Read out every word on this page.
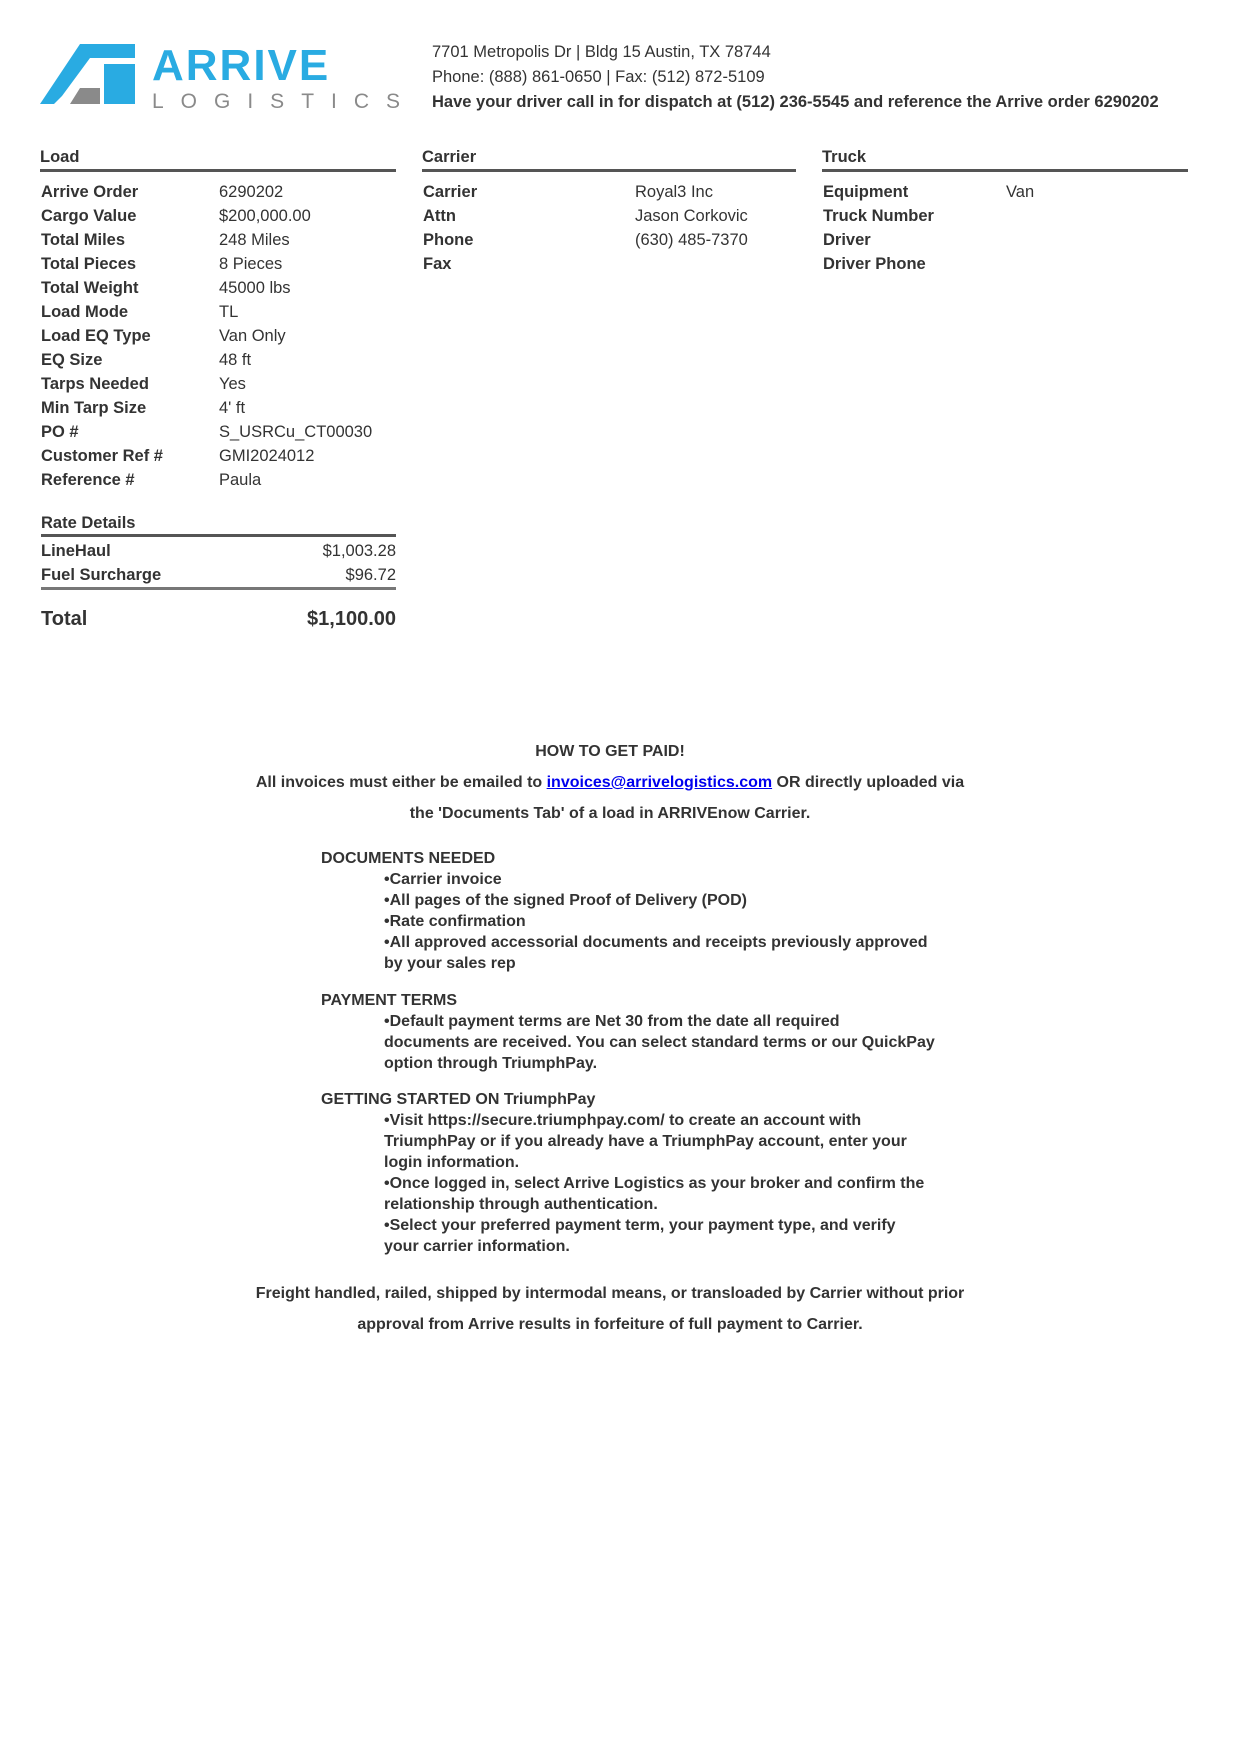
ARRIVE
LOGISTICS
7701 Metropolis Dr | Bldg 15 Austin, TX 78744
Phone: (888) 861-0650 | Fax: (512) 872-5109
Have your driver call in for dispatch at (512) 236-5545 and reference the Arrive order 6290202
Load
Arrive Order	6290202
Cargo Value	$200,000.00
Total Miles	248 Miles
Total Pieces	8 Pieces
Total Weight	45000 lbs
Load Mode	TL
Load EQ Type	Van Only
EQ Size	48 ft
Tarps Needed	Yes
Min Tarp Size	4' ft
PO #	S_USRCu_CT00030
Customer Ref #	GMI2024012
Reference #	Paula
Carrier
Carrier	Royal3 Inc
Attn	Jason Corkovic
Phone	(630) 485-7370
Fax
Truck
Equipment	Van
Truck Number
Driver
Driver Phone
Rate Details
LineHaul	$1,003.28
Fuel Surcharge	$96.72
Total	$1,100.00
HOW TO GET PAID!
All invoices must either be emailed to invoices@arrivelogistics.com OR directly uploaded via
the 'Documents Tab' of a load in ARRIVEnow Carrier.
DOCUMENTS NEEDED
•Carrier invoice
•All pages of the signed Proof of Delivery (POD)
•Rate confirmation
•All approved accessorial documents and receipts previously approved
by your sales rep
PAYMENT TERMS
•Default payment terms are Net 30 from the date all required
documents are received. You can select standard terms or our QuickPay
option through TriumphPay.
GETTING STARTED ON TriumphPay
•Visit https://secure.triumphpay.com/ to create an account with
TriumphPay or if you already have a TriumphPay account, enter your
login information.
•Once logged in, select Arrive Logistics as your broker and confirm the
relationship through authentication.
•Select your preferred payment term, your payment type, and verify
your carrier information.
Freight handled, railed, shipped by intermodal means, or transloaded by Carrier without prior
approval from Arrive results in forfeiture of full payment to Carrier.
